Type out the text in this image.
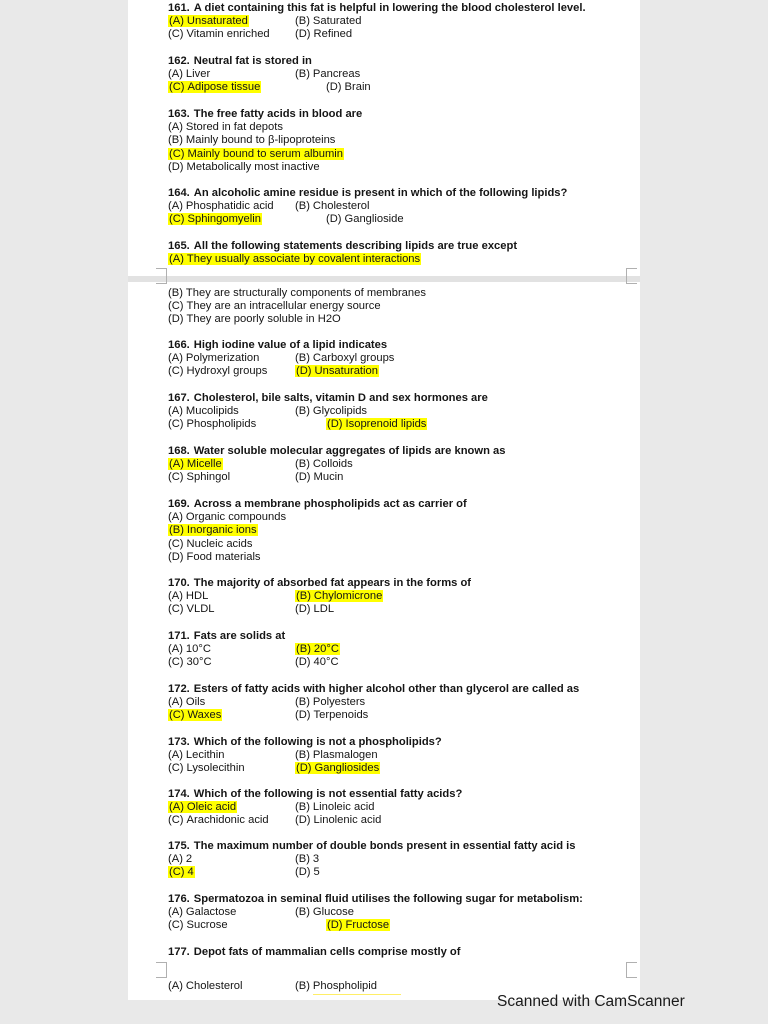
161. A diet containing this fat is helpful in lowering the blood cholesterol level.
(A) Unsaturated	(B) Saturated
(C) Vitamin enriched (D) Refined
162. Neutral fat is stored in
(A) Liver	(B) Pancreas
(C) Adipose tissue	(D) Brain
163. The free fatty acids in blood are
(A) Stored in fat depots
(B) Mainly bound to β-lipoproteins
(C) Mainly bound to serum albumin
(D) Metabolically most inactive
164. An alcoholic amine residue is present in which of the following lipids?
(A) Phosphatidic acid (B) Cholesterol
(C) Sphingomyelin	(D) Ganglioside
165. All the following statements describing lipids are true except
(A) They usually associate by covalent interactions
(B) They are structurally components of membranes
(C) They are an intracellular energy source
(D) They are poorly soluble in H2O
166. High iodine value of a lipid indicates
(A) Polymerization	(B) Carboxyl groups
(C) Hydroxyl groups	(D) Unsaturation
167. Cholesterol, bile salts, vitamin D and sex hormones are
(A) Mucolipids	(B) Glycolipids
(C) Phospholipids	(D) Isoprenoid lipids
168. Water soluble molecular aggregates of lipids are known as
(A) Micelle	(B) Colloids
(C) Sphingol	(D) Mucin
169. Across a membrane phospholipids act as carrier of
(A) Organic compounds
(B) Inorganic ions
(C) Nucleic acids
(D) Food materials
170. The majority of absorbed fat appears in the forms of
(A) HDL	(B) Chylomicrone
(C) VLDL	(D) LDL
171. Fats are solids at
(A) 10°C	(B) 20°C
(C) 30°C	(D) 40°C
172. Esters of fatty acids with higher alcohol other than glycerol are called as
(A) Oils	(B) Polyesters
(C) Waxes	(D) Terpenoids
173. Which of the following is not a phospholipids?
(A) Lecithin	(B) Plasmalogen
(C) Lysolecithin	(D) Gangliosides
174. Which of the following is not essential fatty acids?
(A) Oleic acid	(B) Linoleic acid
(C) Arachidonic acid (D) Linolenic acid
175. The maximum number of double bonds present in essential fatty acid is
(A) 2	(B) 3
(C) 4	(D) 5
176. Spermatozoa in seminal fluid utilises the following sugar for metabolism:
(A) Galactose	(B) Glucose
(C) Sucrose	(D) Fructose
177. Depot fats of mammalian cells comprise mostly of
(A) Cholesterol	(B) Phospholipid
Scanned with CamScanner
